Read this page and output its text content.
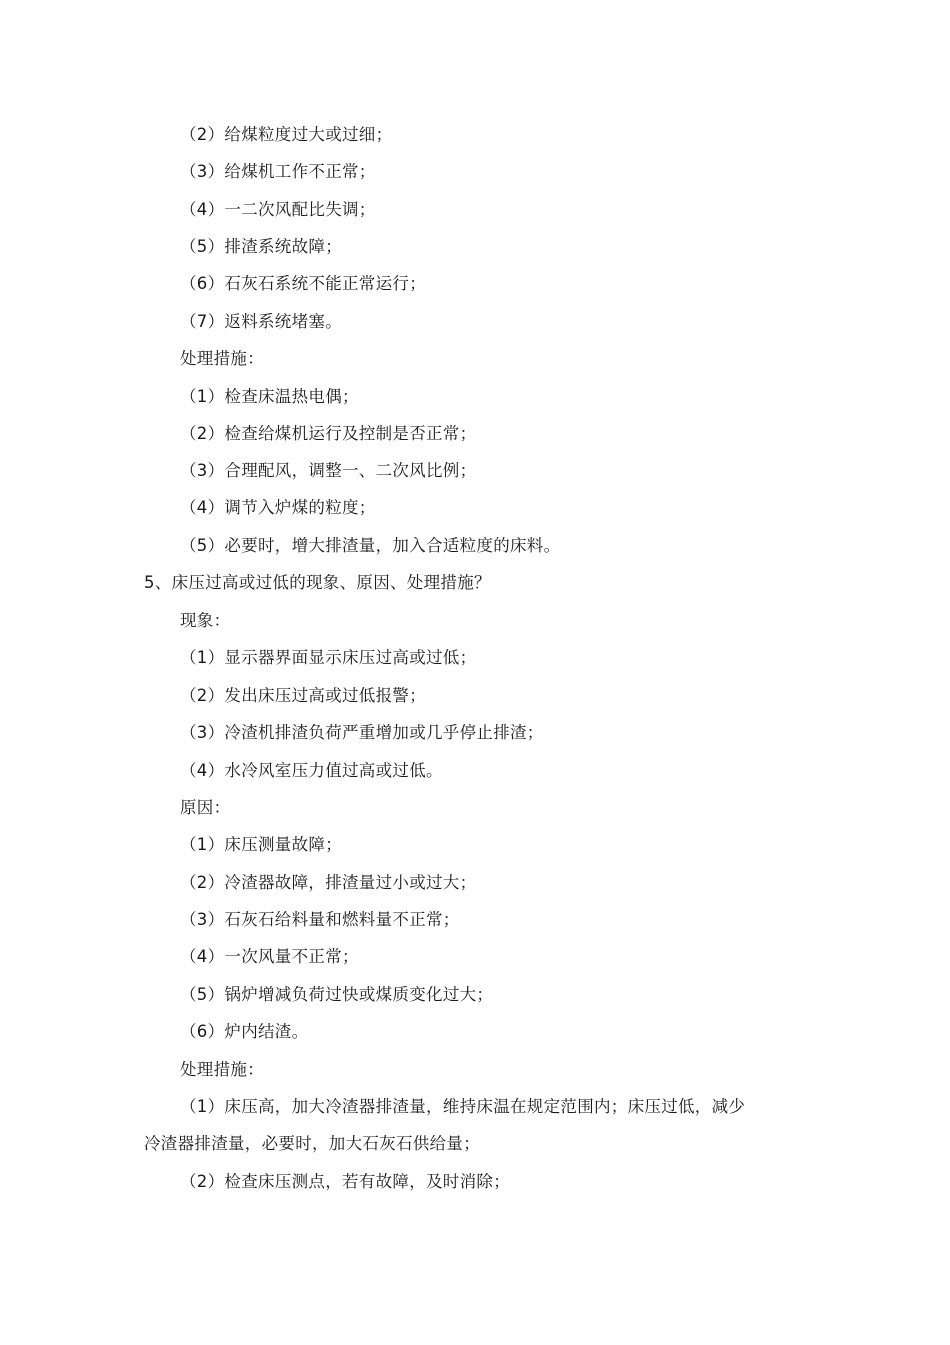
（2）给煤粒度过大或过细；
（3）给煤机工作不正常；
（4）一二次风配比失调；
（5）排渣系统故障；
（6）石灰石系统不能正常运行；
（7）返料系统堵塞。
处理措施：
（1）检查床温热电偶；
（2）检查给煤机运行及控制是否正常；
（3）合理配风，调整一、二次风比例；
（4）调节入炉煤的粒度；
（5）必要时，增大排渣量，加入合适粒度的床料。
5、床压过高或过低的现象、原因、处理措施？
现象：
（1）显示器界面显示床压过高或过低；
（2）发出床压过高或过低报警；
（3）冷渣机排渣负荷严重增加或几乎停止排渣；
（4）水冷风室压力值过高或过低。
原因：
（1）床压测量故障；
（2）冷渣器故障，排渣量过小或过大；
（3）石灰石给料量和燃料量不正常；
（4）一次风量不正常；
（5）锅炉增减负荷过快或煤质变化过大；
（6）炉内结渣。
处理措施：
（1）床压高，加大冷渣器排渣量，维持床温在规定范围内；床压过低，减少
冷渣器排渣量，必要时，加大石灰石供给量；
（2）检查床压测点，若有故障，及时消除；
